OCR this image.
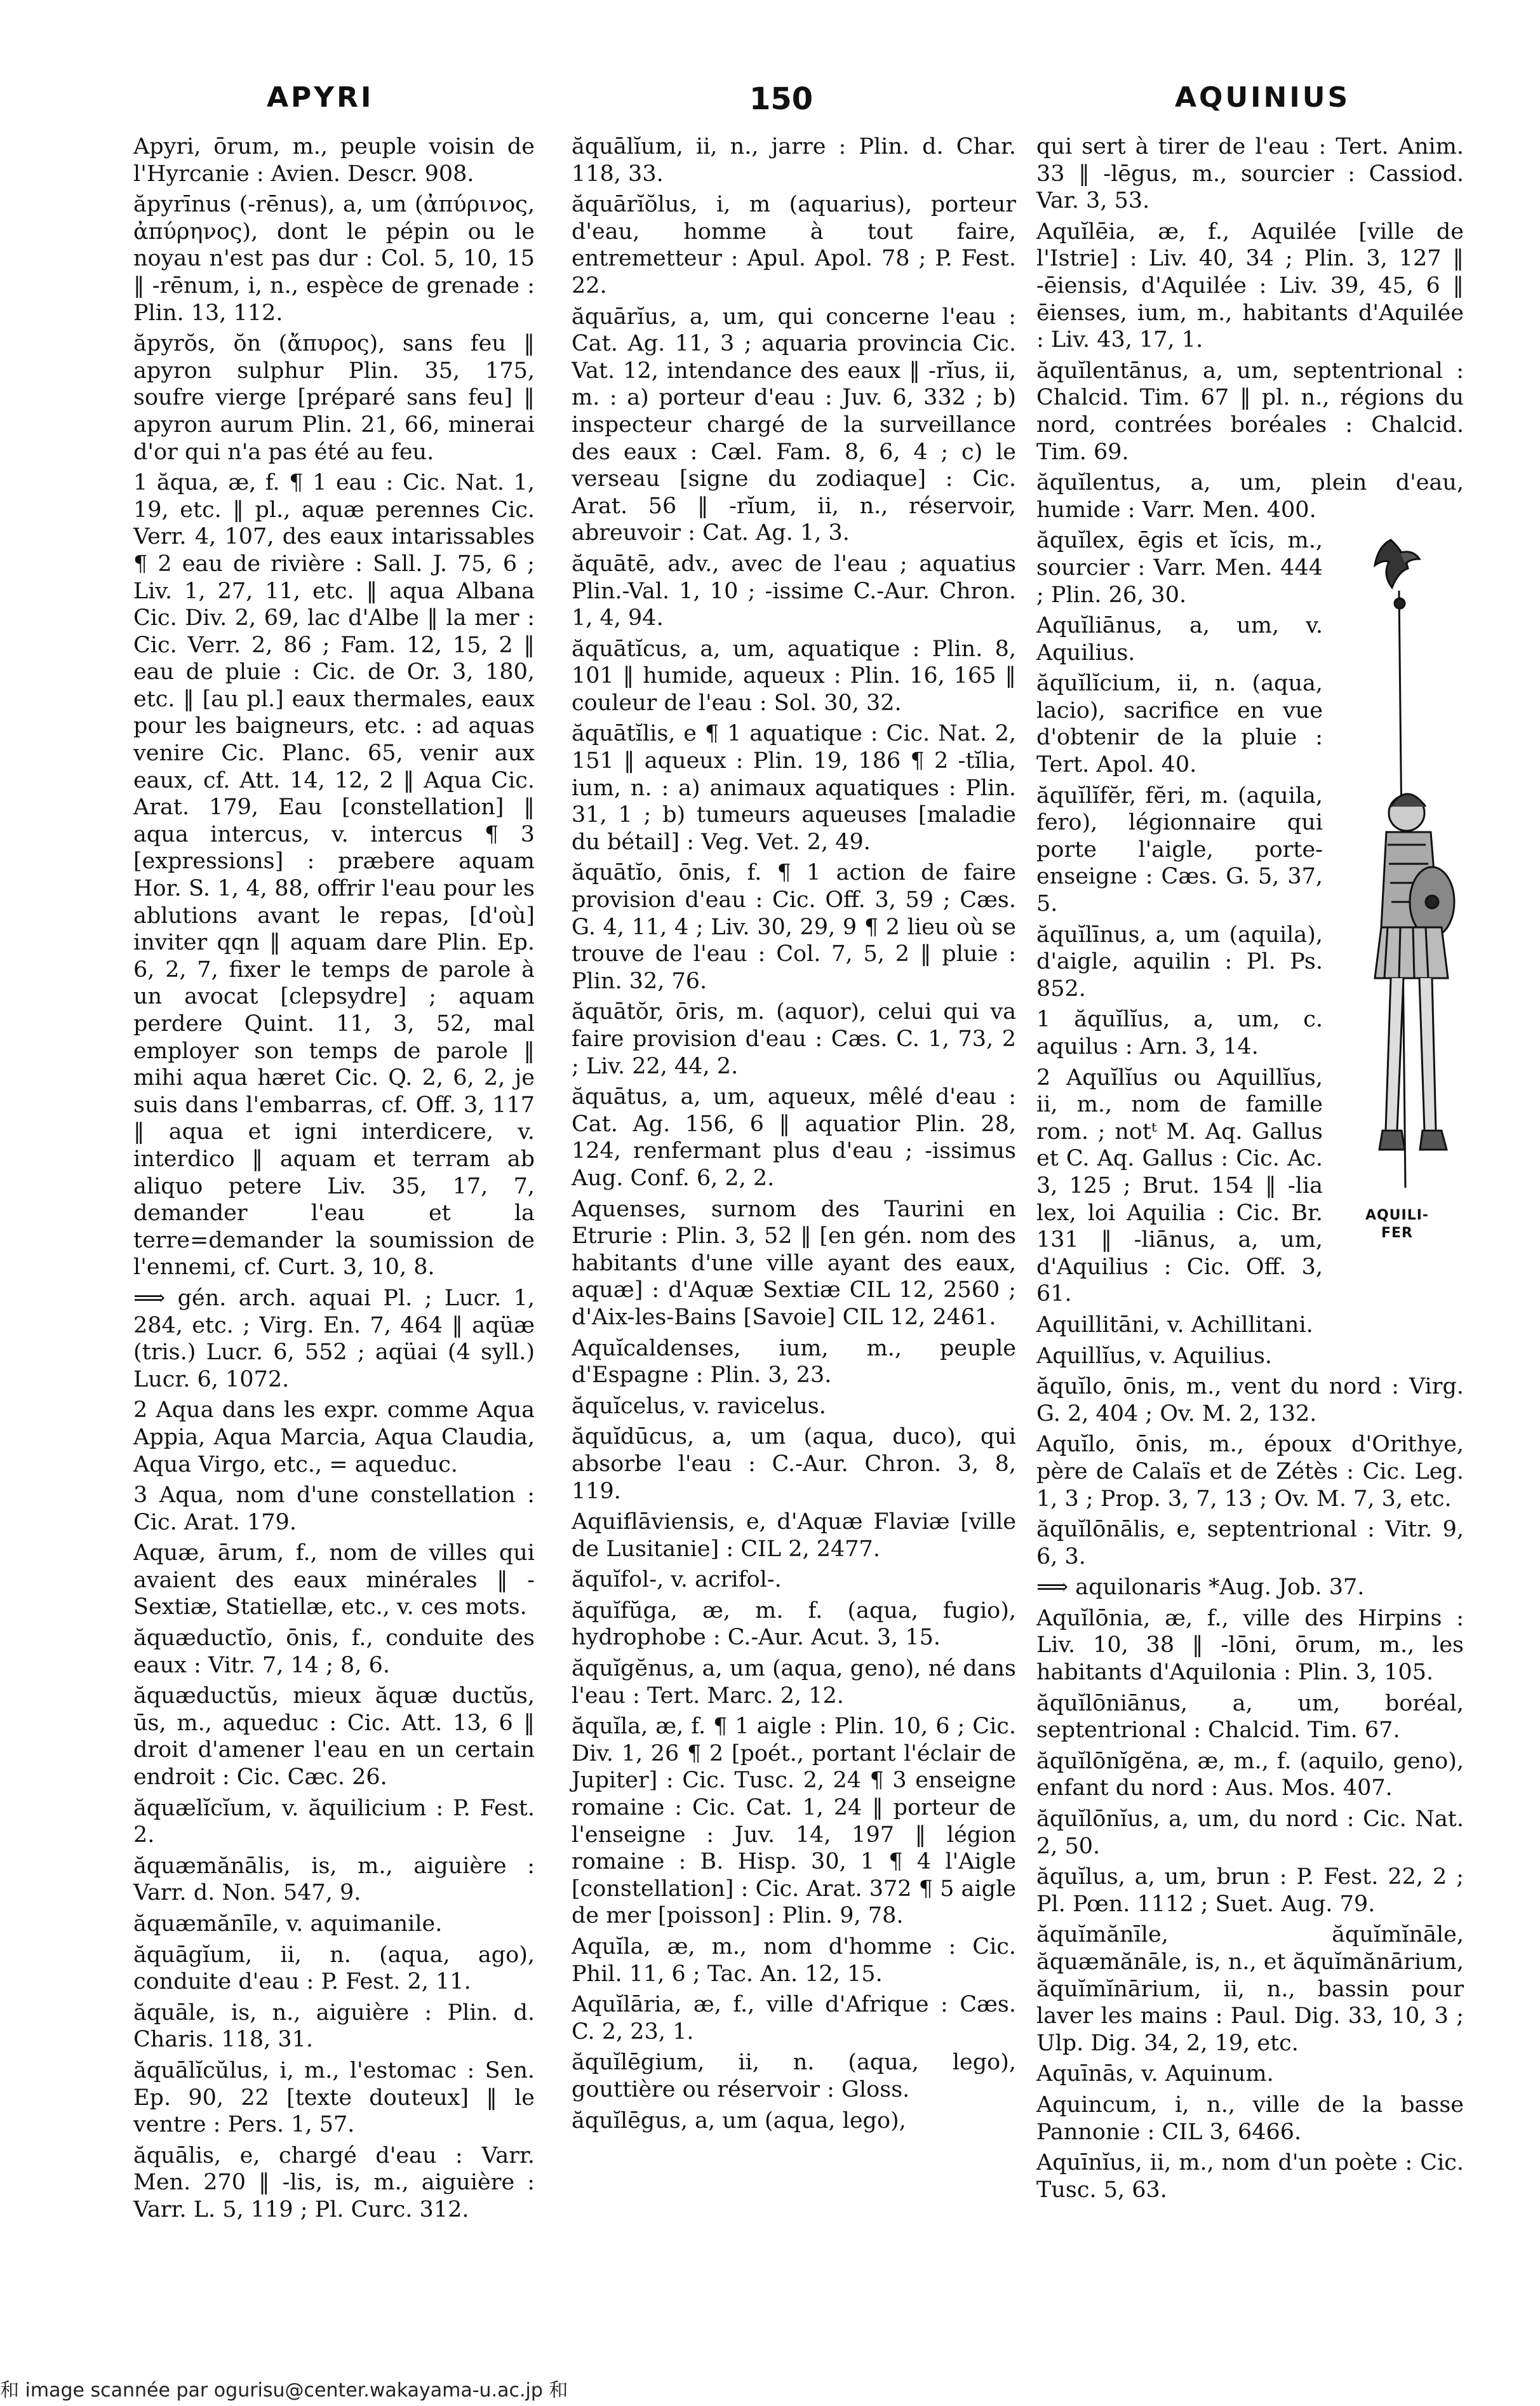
APYRI	150	AQUINIUS

Apyri, ōrum, m., peuple voisin de l'Hyrcanie : Avien. Descr. 908.

ăpyrīnus (-rēnus), a, um (ἀπύρινος, ἀπύρηνος), dont le pépin ou le noyau n'est pas dur : Col. 5, 10, 15 ‖ -rēnum, i, n., espèce de grenade : Plin. 13, 112.

ăpyrŏs, ŏn (ἄπυρος), sans feu ‖ apyron sulphur Plin. 35, 175, soufre vierge [préparé sans feu] ‖ apyron aurum Plin. 21, 66, minerai d'or qui n'a pas été au feu.

1 ăqua, æ, f. ¶ 1 eau : Cic. Nat. 1, 19, etc. ‖ pl., aquæ perennes Cic. Verr. 4, 107, des eaux intarissables ¶ 2 eau de rivière : Sall. J. 75, 6 ; Liv. 1, 27, 11, etc. ‖ aqua Albana Cic. Div. 2, 69, lac d'Albe ‖ la mer : Cic. Verr. 2, 86 ; Fam. 12, 15, 2 ‖ eau de pluie : Cic. de Or. 3, 180, etc. ‖ [au pl.] eaux thermales, eaux pour les baigneurs, etc. : ad aquas venire Cic. Planc. 65, venir aux eaux, cf. Att. 14, 12, 2 ‖ Aqua Cic. Arat. 179, Eau [constellation] ‖ aqua intercus, v. intercus ¶ 3 [expressions] : præbere aquam Hor. S. 1, 4, 88, offrir l'eau pour les ablutions avant le repas, [d'où] inviter qqn ‖ aquam dare Plin. Ep. 6, 2, 7, fixer le temps de parole à un avocat [clepsydre] ; aquam perdere Quint. 11, 3, 52, mal employer son temps de parole ‖ mihi aqua hæret Cic. Q. 2, 6, 2, je suis dans l'embarras, cf. Off. 3, 117 ‖ aqua et igni interdicere, v. interdico ‖ aquam et terram ab aliquo petere Liv. 35, 17, 7, demander l'eau et la terre=demander la soumission de l'ennemi, cf. Curt. 3, 10, 8.

⟹ gén. arch. aquai Pl. ; Lucr. 1, 284, etc. ; Virg. En. 7, 464 ‖ aqüæ (tris.) Lucr. 6, 552 ; aqüai (4 syll.) Lucr. 6, 1072.

2 Aqua dans les expr. comme Aqua Appia, Aqua Marcia, Aqua Claudia, Aqua Virgo, etc., = aqueduc.

3 Aqua, nom d'une constellation : Cic. Arat. 179.

Aquæ, ārum, f., nom de villes qui avaient des eaux minérales ‖ -Sextiæ, Statiellæ, etc., v. ces mots.

ăquæductĭo, ōnis, f., conduite des eaux : Vitr. 7, 14 ; 8, 6.

ăquæductŭs, mieux ăquæ ductŭs, ūs, m., aqueduc : Cic. Att. 13, 6 ‖ droit d'amener l'eau en un certain endroit : Cic. Cæc. 26.

ăquælĭcĭum, v. ăquilicium : P. Fest. 2.

ăquæmănālis, is, m., aiguière : Varr. d. Non. 547, 9.

ăquæmănīle, v. aquimanile.

ăquāgĭum, ii, n. (aqua, ago), conduite d'eau : P. Fest. 2, 11.

ăquāle, is, n., aiguière : Plin. d. Charis. 118, 31.

ăquālĭcŭlus, i, m., l'estomac : Sen. Ep. 90, 22 [texte douteux] ‖ le ventre : Pers. 1, 57.

ăquālis, e, chargé d'eau : Varr. Men. 270 ‖ -lis, is, m., aiguière : Varr. L. 5, 119 ; Pl. Curc. 312.

ăquālĭum, ii, n., jarre : Plin. d. Char. 118, 33.

ăquārĭŏlus, i, m (aquarius), porteur d'eau, homme à tout faire, entremetteur : Apul. Apol. 78 ; P. Fest. 22.

ăquārĭus, a, um, qui concerne l'eau : Cat. Ag. 11, 3 ; aquaria provincia Cic. Vat. 12, intendance des eaux ‖ -rĭus, ii, m. : a) porteur d'eau : Juv. 6, 332 ; b) inspecteur chargé de la surveillance des eaux : Cæl. Fam. 8, 6, 4 ; c) le verseau [signe du zodiaque] : Cic. Arat. 56 ‖ -rĭum, ii, n., réservoir, abreuvoir : Cat. Ag. 1, 3.

ăquātē, adv., avec de l'eau ; aquatius Plin.-Val. 1, 10 ; -issime C.-Aur. Chron. 1, 4, 94.

ăquātĭcus, a, um, aquatique : Plin. 8, 101 ‖ humide, aqueux : Plin. 16, 165 ‖ couleur de l'eau : Sol. 30, 32.

ăquātĭlis, e ¶ 1 aquatique : Cic. Nat. 2, 151 ‖ aqueux : Plin. 19, 186 ¶ 2 -tĭlia, ium, n. : a) animaux aquatiques : Plin. 31, 1 ; b) tumeurs aqueuses [maladie du bétail] : Veg. Vet. 2, 49.

ăquātĭo, ōnis, f. ¶ 1 action de faire provision d'eau : Cic. Off. 3, 59 ; Cæs. G. 4, 11, 4 ; Liv. 30, 29, 9 ¶ 2 lieu où se trouve de l'eau : Col. 7, 5, 2 ‖ pluie : Plin. 32, 76.

ăquātŏr, ōris, m. (aquor), celui qui va faire provision d'eau : Cæs. C. 1, 73, 2 ; Liv. 22, 44, 2.

ăquātus, a, um, aqueux, mêlé d'eau : Cat. Ag. 156, 6 ‖ aquatior Plin. 28, 124, renfermant plus d'eau ; -issimus Aug. Conf. 6, 2, 2.

Aquenses, surnom des Taurini en Etrurie : Plin. 3, 52 ‖ [en gén. nom des habitants d'une ville ayant des eaux, aquæ] : d'Aquæ Sextiæ CIL 12, 2560 ; d'Aix-les-Bains [Savoie] CIL 12, 2461.

Aquĭcaldenses, ium, m., peuple d'Espagne : Plin. 3, 23.

ăquĭcelus, v. ravicelus.

ăquĭdūcus, a, um (aqua, duco), qui absorbe l'eau : C.-Aur. Chron. 3, 8, 119.

Aquiflāviensis, e, d'Aquæ Flaviæ [ville de Lusitanie] : CIL 2, 2477.

ăquĭfol-, v. acrifol-.

ăquĭfŭga, æ, m. f. (aqua, fugio), hydrophobe : C.-Aur. Acut. 3, 15.

ăquĭgĕnus, a, um (aqua, geno), né dans l'eau : Tert. Marc. 2, 12.

ăquĭla, æ, f. ¶ 1 aigle : Plin. 10, 6 ; Cic. Div. 1, 26 ¶ 2 [poét., portant l'éclair de Jupiter] : Cic. Tusc. 2, 24 ¶ 3 enseigne romaine : Cic. Cat. 1, 24 ‖ porteur de l'enseigne : Juv. 14, 197 ‖ légion romaine : B. Hisp. 30, 1 ¶ 4 l'Aigle [constellation] : Cic. Arat. 372 ¶ 5 aigle de mer [poisson] : Plin. 9, 78.

Aquĭla, æ, m., nom d'homme : Cic. Phil. 11, 6 ; Tac. An. 12, 15.

Aquĭlāria, æ, f., ville d'Afrique : Cæs. C. 2, 23, 1.

ăquĭlēgium, ii, n. (aqua, lego), gouttière ou réservoir : Gloss.

ăquĭlēgus, a, um (aqua, lego),

qui sert à tirer de l'eau : Tert. Anim. 33 ‖ -lēgus, m., sourcier : Cassiod. Var. 3, 53.

Aquĭlēia, æ, f., Aquilée [ville de l'Istrie] : Liv. 40, 34 ; Plin. 3, 127 ‖ -ēiensis, d'Aquilée : Liv. 39, 45, 6 ‖ ēienses, ium, m., habitants d'Aquilée : Liv. 43, 17, 1.

ăquĭlentānus, a, um, septentrional : Chalcid. Tim. 67 ‖ pl. n., régions du nord, contrées boréales : Chalcid. Tim. 69.

ăquĭlentus, a, um, plein d'eau, humide : Varr. Men. 400.

AQUILI-
FER

ăquĭlex, ēgis et ĭcis, m., sourcier : Varr. Men. 444 ; Plin. 26, 30.

Aquĭliānus, a, um, v. Aquilius.

ăquĭlĭcium, ii, n. (aqua, lacio), sacrifice en vue d'obtenir de la pluie : Tert. Apol. 40.

ăquĭlĭfĕr, fĕri, m. (aquila, fero), légionnaire qui porte l'aigle, porte-enseigne : Cæs. G. 5, 37, 5.

ăquĭlīnus, a, um (aquila), d'aigle, aquilin : Pl. Ps. 852.

1 ăquĭlĭus, a, um, c. aquilus : Arn. 3, 14.

2 Aquĭlĭus ou Aquillĭus, ii, m., nom de famille rom. ; notᵗ M. Aq. Gallus et C. Aq. Gallus : Cic. Ac. 3, 125 ; Brut. 154 ‖ -lia lex, loi Aquilia : Cic. Br. 131 ‖ -liānus, a, um, d'Aquilius : Cic. Off. 3, 61.

Aquillitāni, v. Achillitani.

Aquillĭus, v. Aquilius.

ăquĭlo, ōnis, m., vent du nord : Virg. G. 2, 404 ; Ov. M. 2, 132.

Aquĭlo, ōnis, m., époux d'Orithye, père de Calaïs et de Zétès : Cic. Leg. 1, 3 ; Prop. 3, 7, 13 ; Ov. M. 7, 3, etc.

ăquĭlōnālis, e, septentrional : Vitr. 9, 6, 3.

⟹ aquilonaris *Aug. Job. 37.

Aquĭlōnia, æ, f., ville des Hirpins : Liv. 10, 38 ‖ -lōni, ōrum, m., les habitants d'Aquilonia : Plin. 3, 105.

ăquĭlōniānus, a, um, boréal, septentrional : Chalcid. Tim. 67.

ăquĭlōnĭgĕna, æ, m., f. (aquilo, geno), enfant du nord : Aus. Mos. 407.

ăquĭlōnĭus, a, um, du nord : Cic. Nat. 2, 50.

ăquĭlus, a, um, brun : P. Fest. 22, 2 ; Pl. Pœn. 1112 ; Suet. Aug. 79.

ăquĭmănīle, ăquĭmĭnāle, ăquæmănāle, is, n., et ăquĭmănārium, ăquĭmĭnārium, ii, n., bassin pour laver les mains : Paul. Dig. 33, 10, 3 ; Ulp. Dig. 34, 2, 19, etc.

Aquīnās, v. Aquinum.

Aquincum, i, n., ville de la basse Pannonie : CIL 3, 6466.

Aquīnĭus, ii, m., nom d'un poète : Cic. Tusc. 5, 63.

和 image scannée par ogurisu@center.wakayama-u.ac.jp 和
